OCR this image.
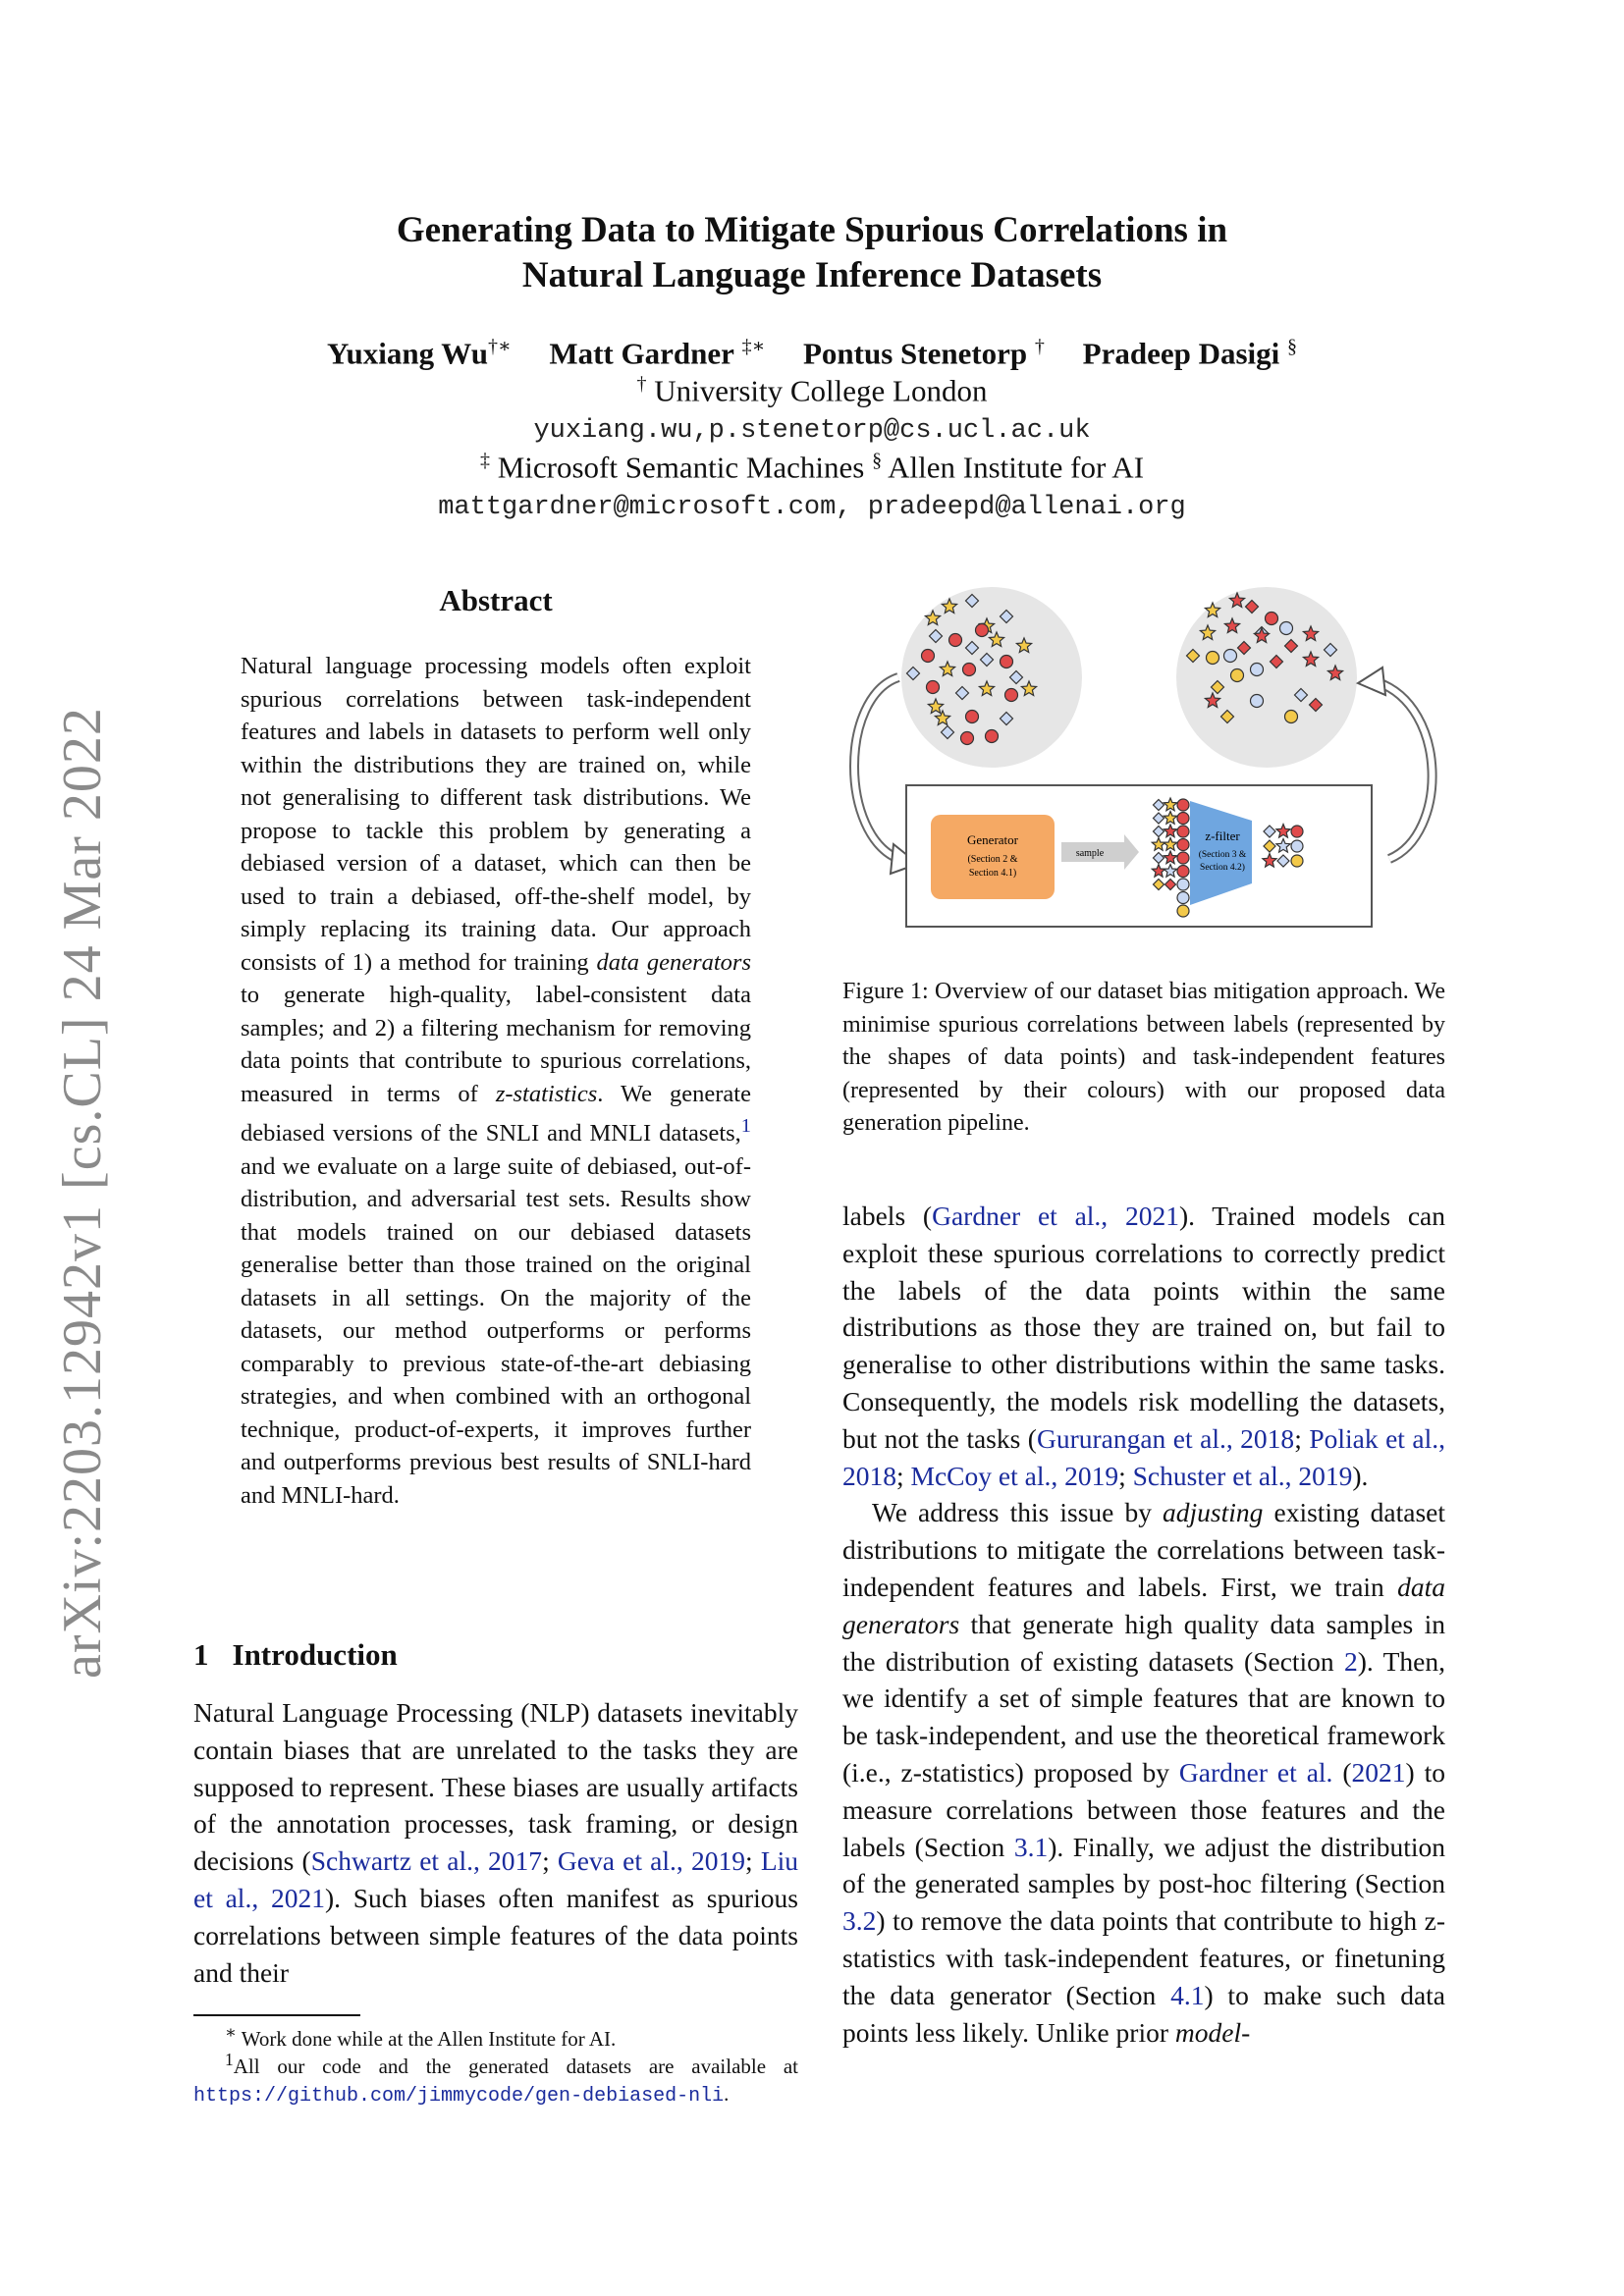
arXiv:2203.12942v1 [cs.CL] 24 Mar 2022
Generating Data to Mitigate Spurious Correlations in
Natural Language Inference Datasets
Yuxiang Wu†∗ Matt Gardner ‡∗ Pontus Stenetorp † Pradeep Dasigi §
† University College London
yuxiang.wu,p.stenetorp@cs.ucl.ac.uk
‡ Microsoft Semantic Machines § Allen Institute for AI
mattgardner@microsoft.com, pradeepd@allenai.org
Abstract
Natural language processing models often exploit spurious correlations between task-independent features and labels in datasets to perform well only within the distributions they are trained on, while not generalising to different task distributions. We propose to tackle this problem by generating a debiased version of a dataset, which can then be used to train a debiased, off-the-shelf model, by simply replacing its training data. Our approach consists of 1) a method for training data generators to generate high-quality, label-consistent data samples; and 2) a filtering mechanism for removing data points that contribute to spurious correlations, measured in terms of z-statistics. We generate debiased versions of the SNLI and MNLI datasets,$^1$ and we evaluate on a large suite of debiased, out-of-distribution, and adversarial test sets. Results show that models trained on our debiased datasets generalise better than those trained on the original datasets in all settings. On the majority of the datasets, our method outperforms or performs comparably to previous state-of-the-art debiasing strategies, and when combined with an orthogonal technique, product-of-experts, it improves further and outperforms previous best results of SNLI-hard and MNLI-hard.
1 Introduction
Natural Language Processing (NLP) datasets inevitably contain biases that are unrelated to the tasks they are supposed to represent. These biases are usually artifacts of the annotation processes, task framing, or design decisions (Schwartz et al., 2017; Geva et al., 2019; Liu et al., 2021). Such biases often manifest as spurious correlations between simple features of the data points and their
∗ Work done while at the Allen Institute for AI.
$^1$All our code and the generated datasets are available at https://github.com/jimmycode/gen-debiased-nli.
Generator
(Section 2 &
Section 4.1)
sample
z-filter
(Section 3 &
Section 4.2)
Figure 1: Overview of our dataset bias mitigation approach. We minimise spurious correlations between labels (represented by the shapes of data points) and task-independent features (represented by their colours) with our proposed data generation pipeline.

labels (Gardner et al., 2021). Trained models can exploit these spurious correlations to correctly predict the labels of the data points within the same distributions as those they are trained on, but fail to generalise to other distributions within the same tasks. Consequently, the models risk modelling the datasets, but not the tasks (Gururangan et al., 2018; Poliak et al., 2018; McCoy et al., 2019; Schuster et al., 2019).

We address this issue by adjusting existing dataset distributions to mitigate the correlations between task-independent features and labels. First, we train data generators that generate high quality data samples in the distribution of existing datasets (Section 2). Then, we identify a set of simple features that are known to be task-independent, and use the theoretical framework (i.e., z-statistics) proposed by Gardner et al. (2021) to measure correlations between those features and the labels (Section 3.1). Finally, we adjust the distribution of the generated samples by post-hoc filtering (Section 3.2) to remove the data points that contribute to high z-statistics with task-independent features, or finetuning the data generator (Section 4.1) to make such data points less likely. Unlike prior model-
